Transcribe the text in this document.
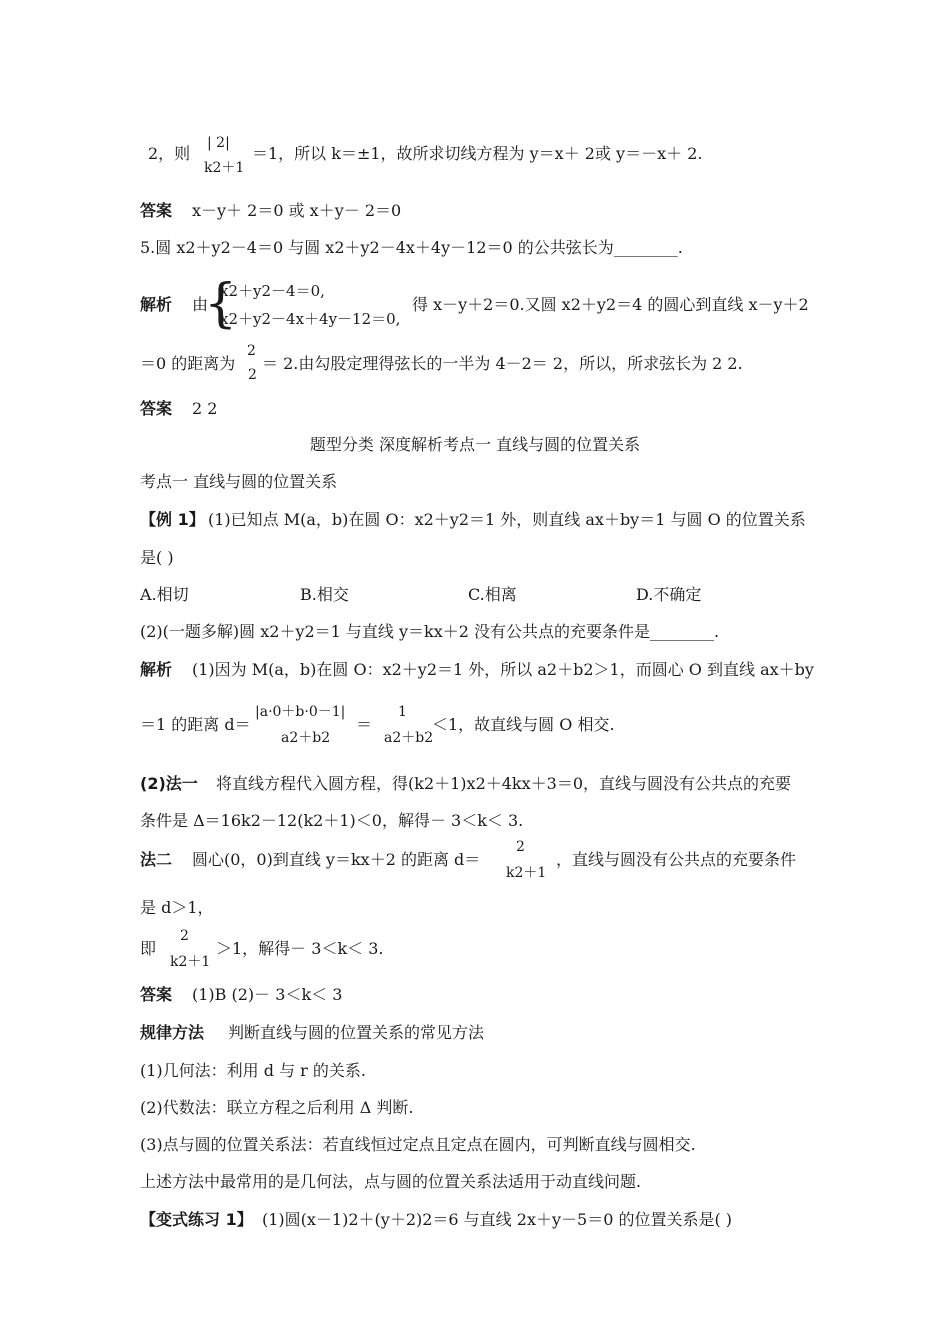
| 2|
2，则
k2＋1
＝1，所以 k＝±1，故所求切线方程为 y＝x＋ 2或 y＝－x＋ 2.
答案 x－y＋ 2＝0 或 x＋y－ 2＝0
5.圆 x2＋y2－4＝0 与圆 x2＋y2－4x＋4y－12＝0 的公共弦长为________.
解析 由
{
x2＋y2－4＝0,
x2＋y2－4x＋4y－12＝0,
得 x－y＋2＝0.又圆 x2＋y2＝4 的圆心到直线 x－y＋2
＝0 的距离为
2
2
＝ 2.由勾股定理得弦长的一半为 4－2＝ 2，所以，所求弦长为 2 2.
答案 2 2
题型分类 深度解析考点一 直线与圆的位置关系
考点一 直线与圆的位置关系
【例 1】 (1)已知点 M(a，b)在圆 O：x2＋y2＝1 外，则直线 ax＋by＝1 与圆 O 的位置关系
是( )
A.相切	B.相交	C.相离	D.不确定
(2)(一题多解)圆 x2＋y2＝1 与直线 y＝kx＋2 没有公共点的充要条件是________.
解析 (1)因为 M(a，b)在圆 O：x2＋y2＝1 外，所以 a2＋b2＞1，而圆心 O 到直线 ax＋by
＝1 的距离 d＝
|a·0＋b·0－1|
a2＋b2
＝
1
a2＋b2
＜1，故直线与圆 O 相交.
(2)法一 将直线方程代入圆方程，得(k2＋1)x2＋4kx＋3＝0，直线与圆没有公共点的充要
条件是 Δ＝16k2－12(k2＋1)＜0，解得－ 3＜k＜ 3.
法二 圆心(0，0)到直线 y＝kx＋2 的距离 d＝
2
k2＋1
，直线与圆没有公共点的充要条件
是 d＞1，
即
2
k2＋1
＞1，解得－ 3＜k＜ 3.
答案 (1)B (2)－ 3＜k＜ 3
规律方法 判断直线与圆的位置关系的常见方法
(1)几何法：利用 d 与 r 的关系.
(2)代数法：联立方程之后利用 Δ 判断.
(3)点与圆的位置关系法：若直线恒过定点且定点在圆内，可判断直线与圆相交.
上述方法中最常用的是几何法，点与圆的位置关系法适用于动直线问题.
【变式练习 1】 (1)圆(x－1)2＋(y＋2)2＝6 与直线 2x＋y－5＝0 的位置关系是( )
